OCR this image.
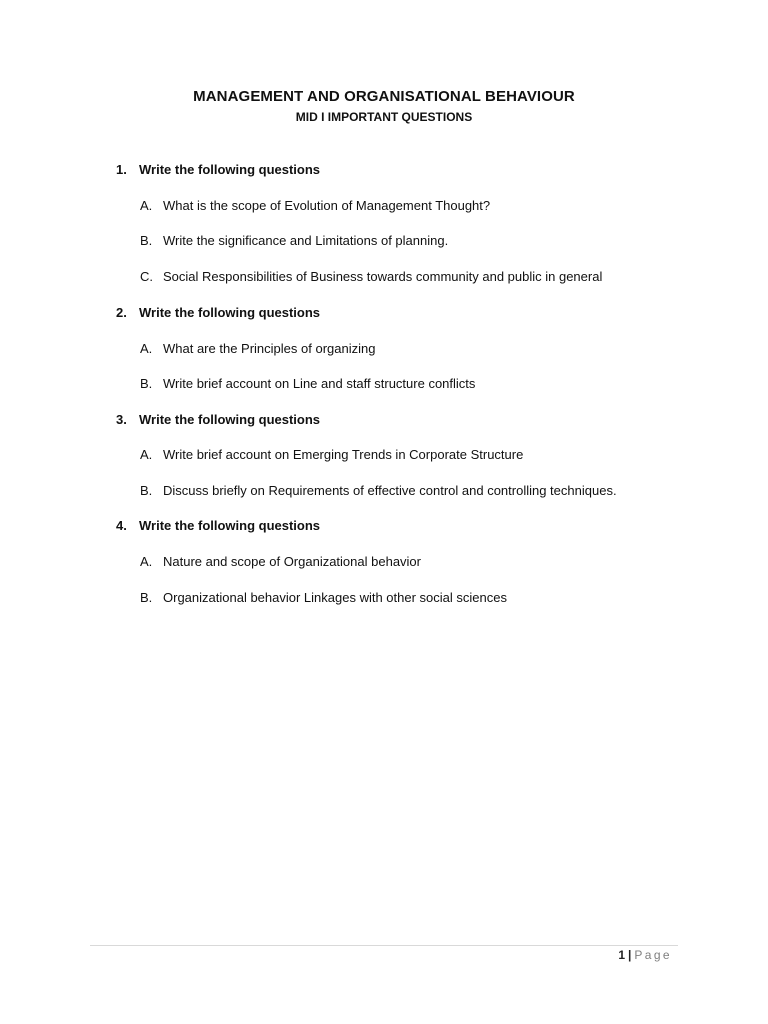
MANAGEMENT AND ORGANISATIONAL BEHAVIOUR
MID I IMPORTANT QUESTIONS
1. Write the following questions
A. What is the scope of Evolution of Management Thought?
B. Write the significance and Limitations of planning.
C. Social Responsibilities of Business towards community and public in general
2. Write the following questions
A. What are the Principles of organizing
B. Write brief account on Line and staff structure conflicts
3. Write the following questions
A. Write brief account on Emerging Trends in Corporate Structure
B. Discuss briefly on Requirements of effective control and controlling techniques.
4. Write the following questions
A. Nature and scope of Organizational behavior
B. Organizational behavior Linkages with other social sciences
1 | Page
